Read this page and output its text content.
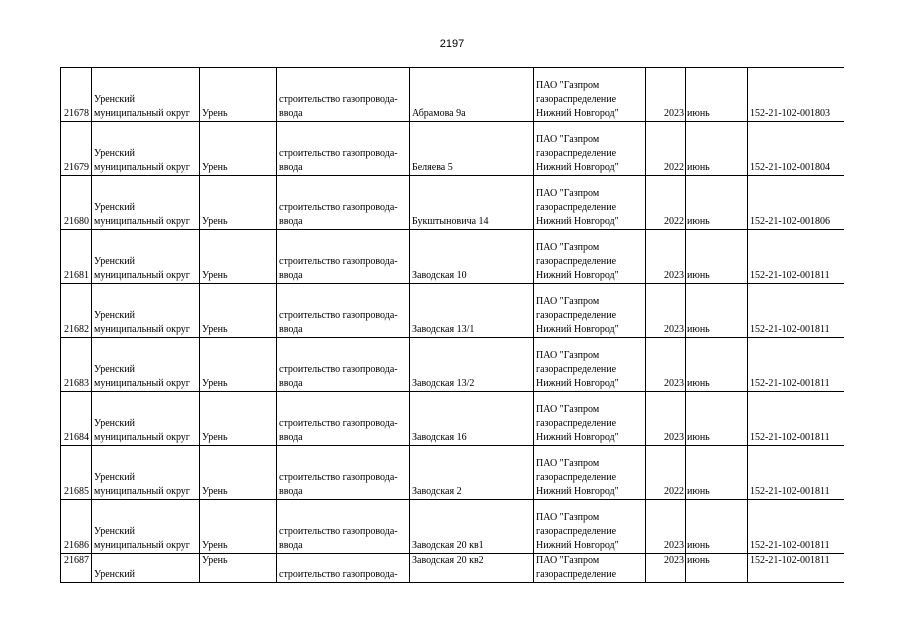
2197
21678	Уренский
муниципальный округ	Урень	строительство газопровода-
ввода	Абрамова 9а	ПАО "Газпром
газораспределение
Нижний Новгород"	2023	июнь	152-21-102-001803
21679	Уренский
муниципальный округ	Урень	строительство газопровода-
ввода	Беляева 5	ПАО "Газпром
газораспределение
Нижний Новгород"	2022	июнь	152-21-102-001804
21680	Уренский
муниципальный округ	Урень	строительство газопровода-
ввода	Букштыновича 14	ПАО "Газпром
газораспределение
Нижний Новгород"	2022	июнь	152-21-102-001806
21681	Уренский
муниципальный округ	Урень	строительство газопровода-
ввода	Заводская 10	ПАО "Газпром
газораспределение
Нижний Новгород"	2023	июнь	152-21-102-001811
21682	Уренский
муниципальный округ	Урень	строительство газопровода-
ввода	Заводская 13/1	ПАО "Газпром
газораспределение
Нижний Новгород"	2023	июнь	152-21-102-001811
21683	Уренский
муниципальный округ	Урень	строительство газопровода-
ввода	Заводская 13/2	ПАО "Газпром
газораспределение
Нижний Новгород"	2023	июнь	152-21-102-001811
21684	Уренский
муниципальный округ	Урень	строительство газопровода-
ввода	Заводская 16	ПАО "Газпром
газораспределение
Нижний Новгород"	2023	июнь	152-21-102-001811
21685	Уренский
муниципальный округ	Урень	строительство газопровода-
ввода	Заводская 2	ПАО "Газпром
газораспределение
Нижний Новгород"	2022	июнь	152-21-102-001811
21686	Уренский
муниципальный округ	Урень	строительство газопровода-
ввода	Заводская 20 кв1	ПАО "Газпром
газораспределение
Нижний Новгород"	2023	июнь	152-21-102-001811
21687	Уренский	Урень	строительство газопровода-	Заводская 20 кв2	ПАО "Газпром
газораспределение	2023	июнь	152-21-102-001811
